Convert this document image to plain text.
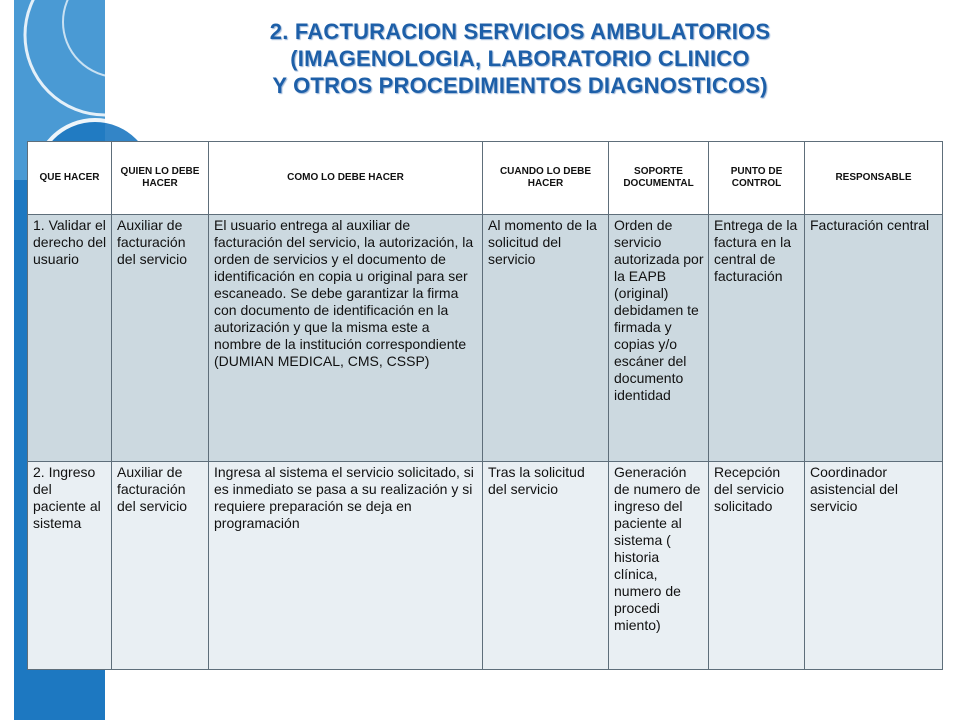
2. FACTURACION SERVICIOS AMBULATORIOS
(IMAGENOLOGIA, LABORATORIO CLINICO
Y OTROS PROCEDIMIENTOS DIAGNOSTICOS)
QUE HACER	QUIEN LO DEBE HACER	COMO LO DEBE HACER	CUANDO LO DEBE HACER	SOPORTE DOCUMENTAL	PUNTO DE CONTROL	RESPONSABLE
1. Validar el derecho del usuario	Auxiliar de facturación del servicio	El usuario entrega al auxiliar de facturación del servicio, la autorización, la orden de servicios y el documento de identificación en copia u original para ser escaneado. Se debe garantizar la firma con documento de identificación en la autorización y que la misma este a nombre de la institución correspondiente (DUMIAN MEDICAL, CMS, CSSP)	Al momento de la solicitud del servicio	Orden de servicio autorizada por la EAPB (original) debidamen te firmada y copias y/o escáner del documento identidad	Entrega de la factura en la central de facturación	Facturación central
2. Ingreso del paciente al sistema	Auxiliar de facturación del servicio	Ingresa al sistema el servicio solicitado, si es inmediato se pasa a su realización y si requiere preparación se deja en programación	Tras la solicitud del servicio	Generación de numero de ingreso del paciente al sistema ( historia clínica, numero de procedi miento)	Recepción del servicio solicitado	Coordinador asistencial del servicio
